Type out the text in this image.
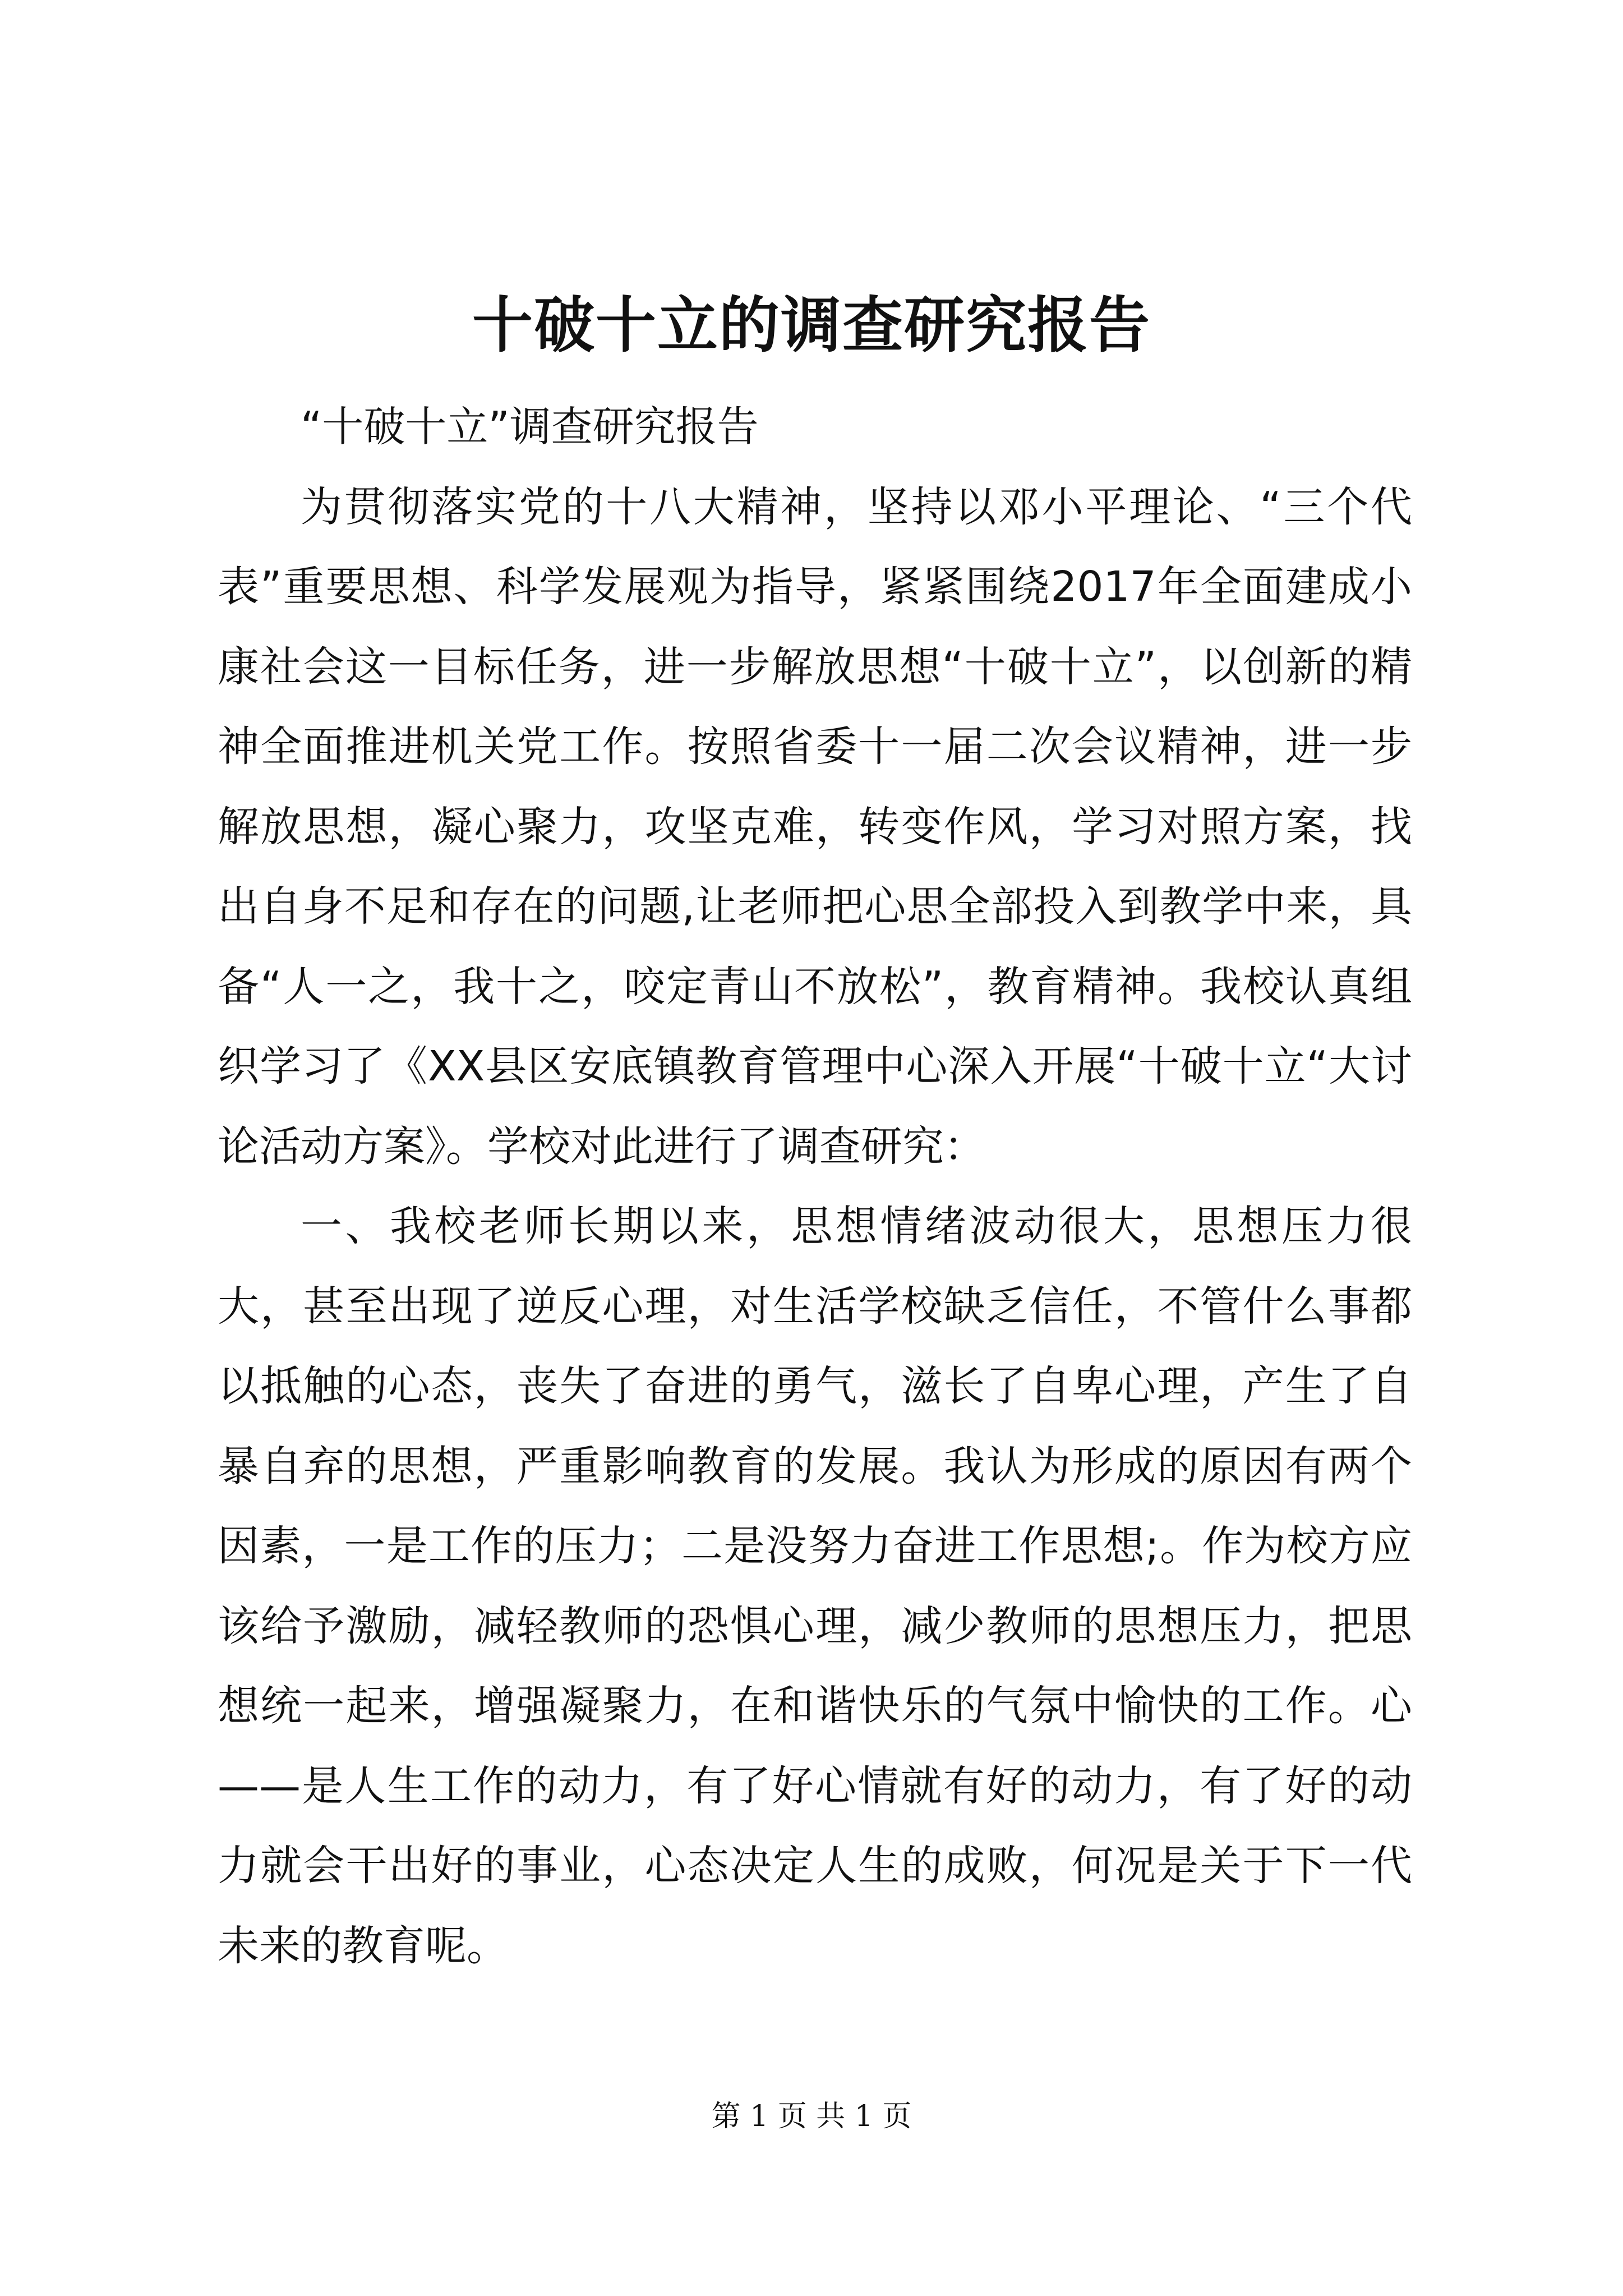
十破十立的调查研究报告

“十破十立”调查研究报告

为贯彻落实党的十八大精神，坚持以邓小平理论、“三个代表”重要思想、科学发展观为指导，紧紧围绕2017年全面建成小康社会这一目标任务，进一步解放思想“十破十立”，以创新的精神全面推进机关党工作。按照省委十一届二次会议精神，进一步解放思想，凝心聚力，攻坚克难，转变作风，学习对照方案，找出自身不足和存在的问题,让老师把心思全部投入到教学中来，具备“人一之，我十之，咬定青山不放松”，教育精神。我校认真组织学习了《XX县区安底镇教育管理中心深入开展“十破十立“大讨论活动方案》。学校对此进行了调查研究：

一、我校老师长期以来，思想情绪波动很大，思想压力很大，甚至出现了逆反心理，对生活学校缺乏信任，不管什么事都以抵触的心态，丧失了奋进的勇气，滋长了自卑心理，产生了自暴自弃的思想，严重影响教育的发展。我认为形成的原因有两个因素，一是工作的压力；二是没努力奋进工作思想;。作为校方应该给予激励，减轻教师的恐惧心理，减少教师的思想压力，把思想统一起来，增强凝聚力，在和谐快乐的气氛中愉快的工作。心——是人生工作的动力，有了好心情就有好的动力，有了好的动力就会干出好的事业，心态决定人生的成败，何况是关于下一代未来的教育呢。

第 1 页 共 1 页
